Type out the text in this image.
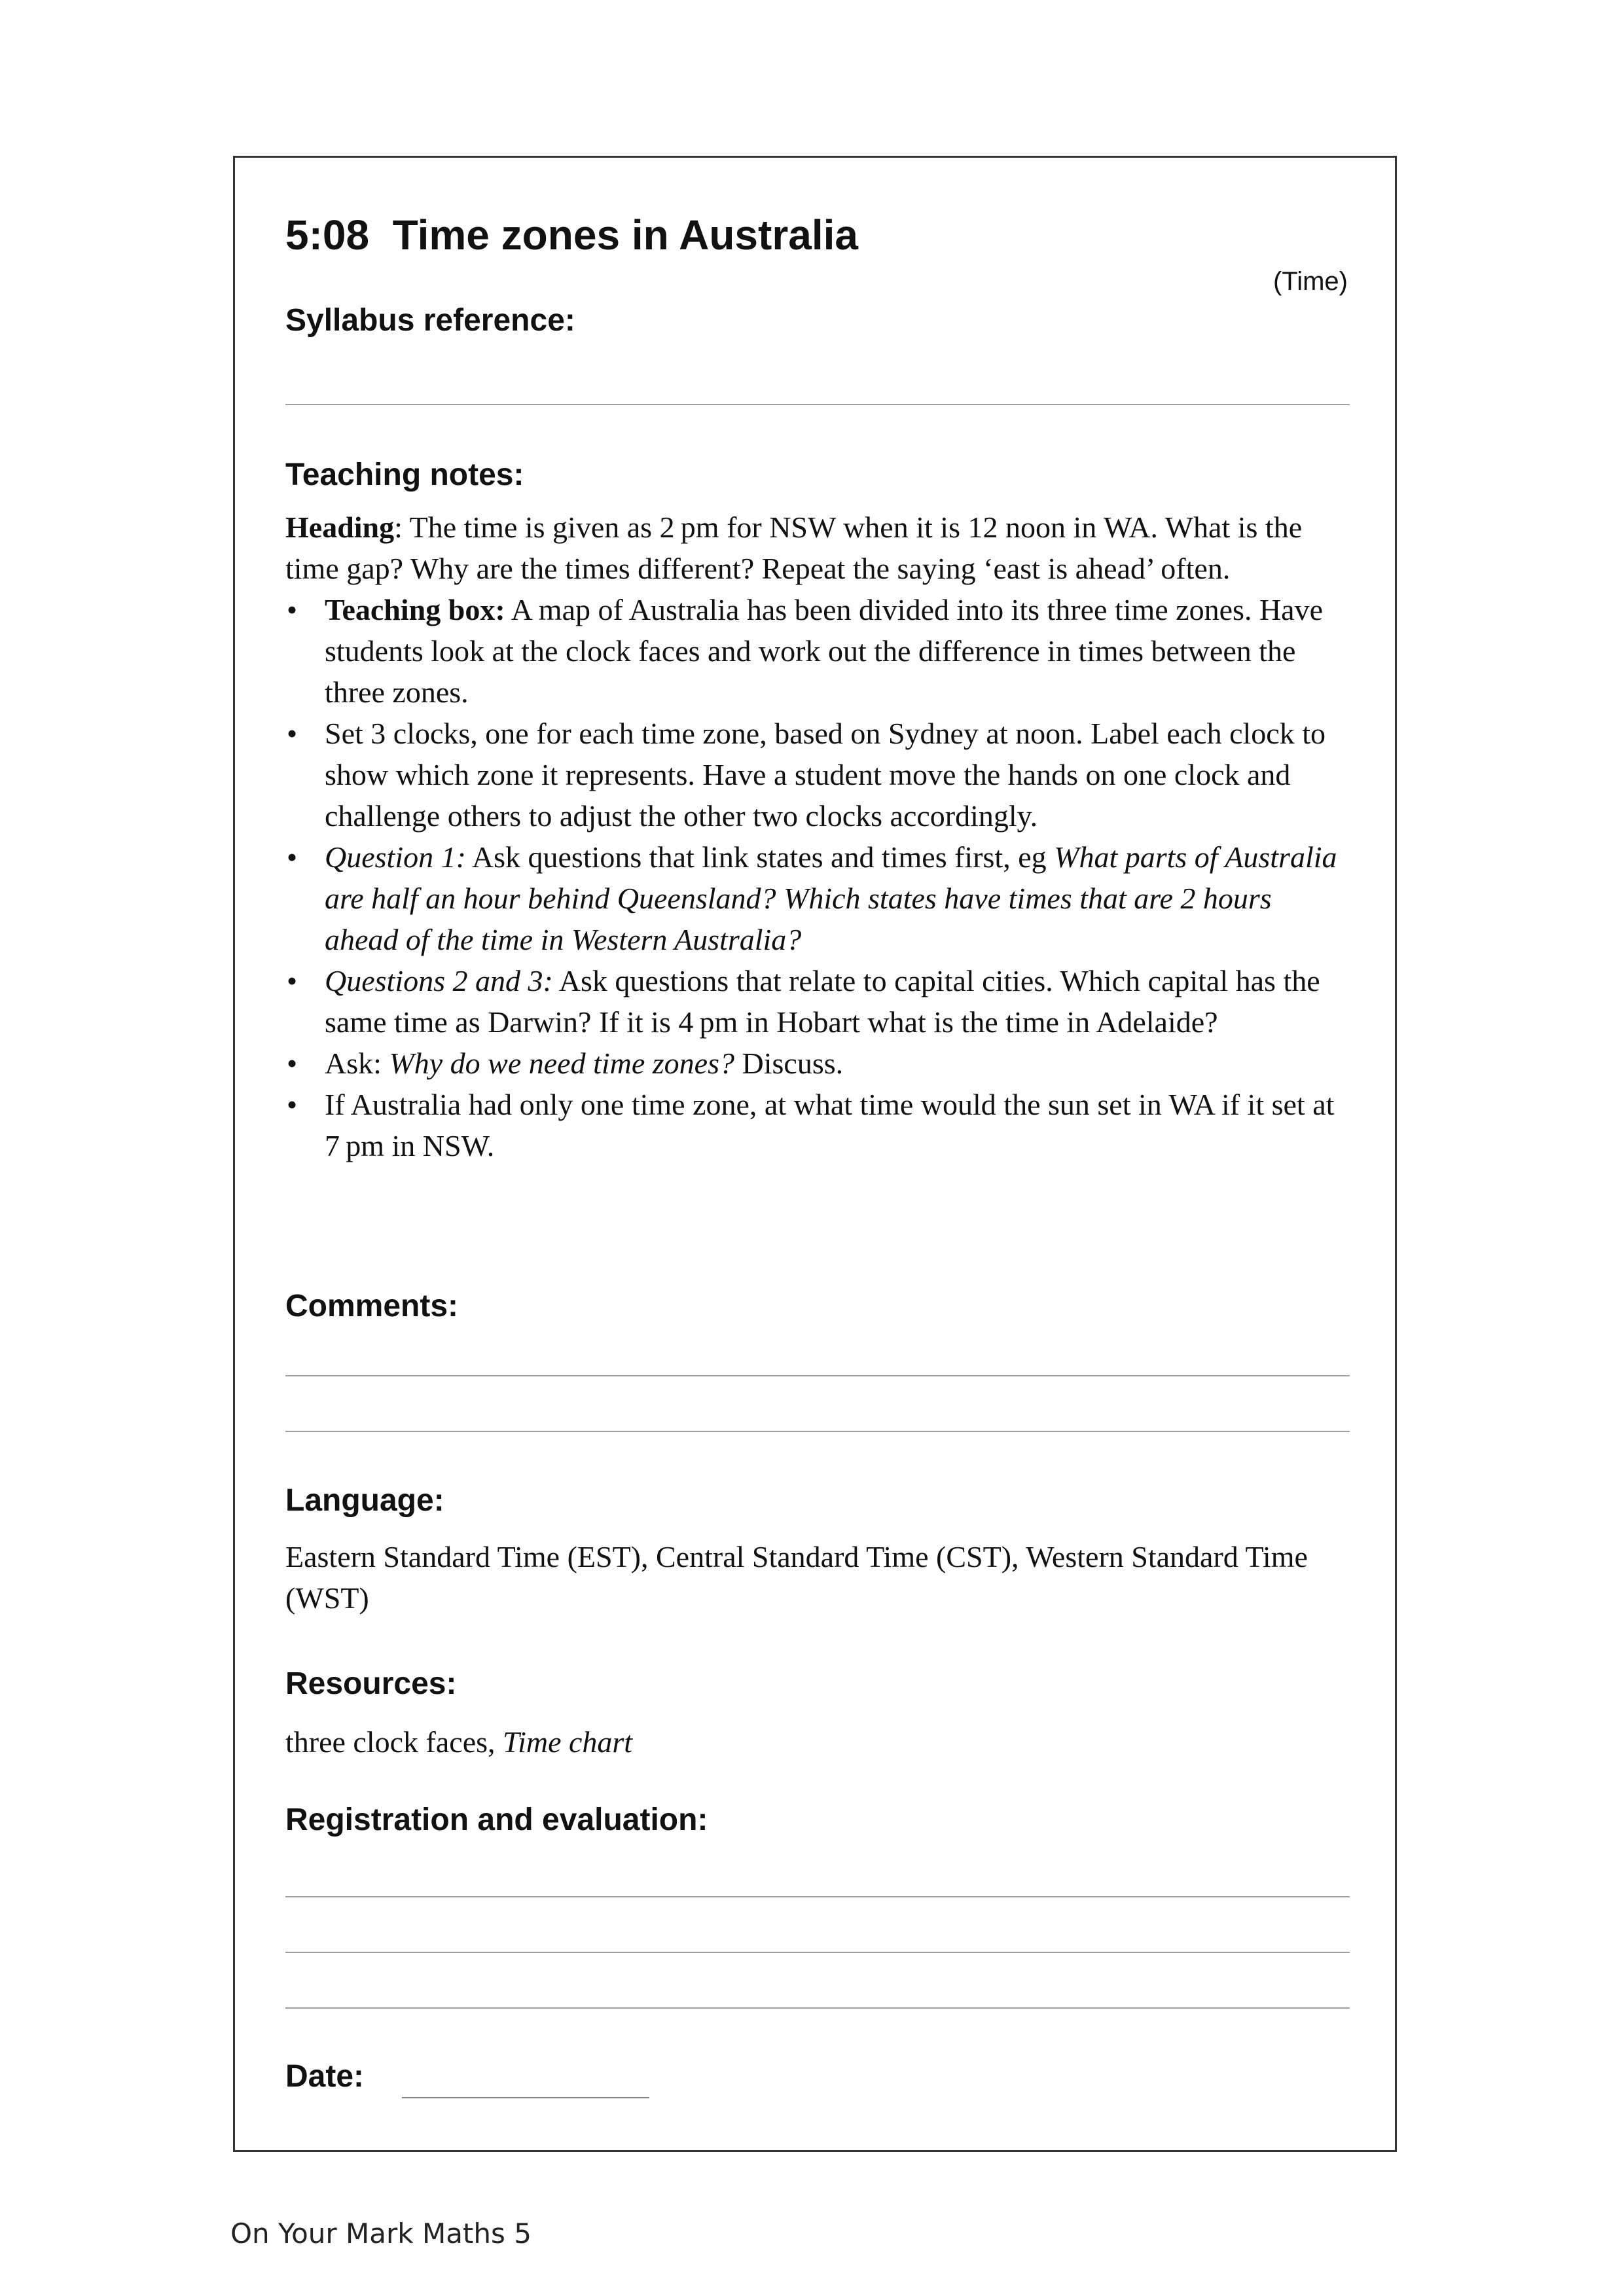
5:08  Time zones in Australia
(Time)
Syllabus reference:
Teaching notes:

Heading: The time is given as 2 pm for NSW when it is 12 noon in WA. What is the time gap? Why are the times different? Repeat the saying ‘east is ahead’ often.

• Teaching box: A map of Australia has been divided into its three time zones. Have students look at the clock faces and work out the difference in times between the three zones.
• Set 3 clocks, one for each time zone, based on Sydney at noon. Label each clock to show which zone it represents. Have a student move the hands on one clock and challenge others to adjust the other two clocks accordingly.
• Question 1: Ask questions that link states and times first, eg What parts of Australia are half an hour behind Queensland? Which states have times that are 2 hours ahead of the time in Western Australia?
• Questions 2 and 3: Ask questions that relate to capital cities. Which capital has the same time as Darwin? If it is 4 pm in Hobart what is the time in Adelaide?
• Ask: Why do we need time zones? Discuss.
• If Australia had only one time zone, at what time would the sun set in WA if it set at 7 pm in NSW.
Comments:
Language:
Eastern Standard Time (EST), Central Standard Time (CST), Western Standard Time (WST)
Resources:
three clock faces, Time chart
Registration and evaluation:
Date:
On Your Mark Maths 5
